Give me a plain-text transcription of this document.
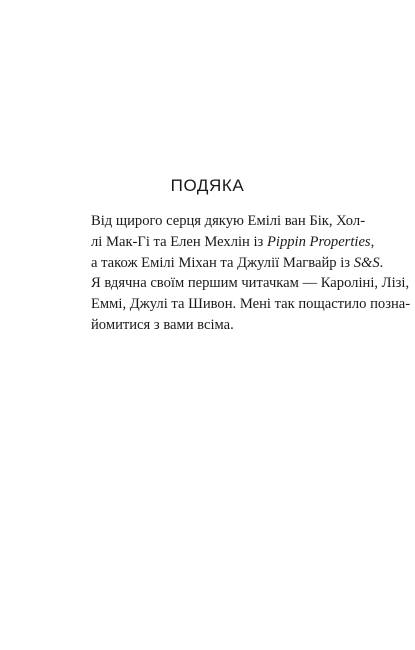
ПОДЯКА
Від щирого серця дякую Емілі ван Бік, Хол-
лі Мак-Гі та Елен Мехлін із Pippin Properties,
а також Емілі Міхан та Джулії Магвайр із S&S.
Я вдячна своїм першим читачкам — Кароліні, Лізі,
Еммі, Джулі та Шивон. Мені так пощастило позна-
йомитися з вами всіма.
